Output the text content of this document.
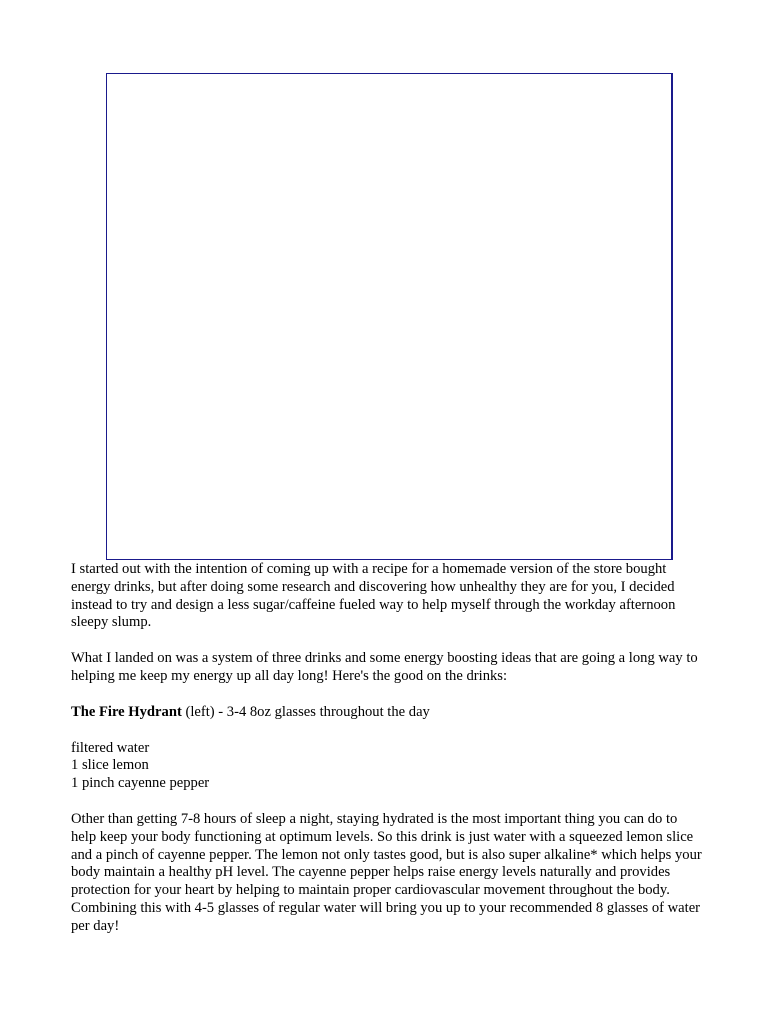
I started out with the intention of coming up with a recipe for a homemade version of the store bought energy drinks, but after doing some research and discovering how unhealthy they are for you, I decided instead to try and design a less sugar/caffeine fueled way to help myself through the workday afternoon sleepy slump.

What I landed on was a system of three drinks and some energy boosting ideas that are going a long way to helping me keep my energy up all day long! Here's the good on the drinks:

The Fire Hydrant (left) - 3-4 8oz glasses throughout the day

filtered water
1 slice lemon
1 pinch cayenne pepper

Other than getting 7-8 hours of sleep a night, staying hydrated is the most important thing you can do to help keep your body functioning at optimum levels. So this drink is just water with a squeezed lemon slice and a pinch of cayenne pepper. The lemon not only tastes good, but is also super alkaline* which helps your body maintain a healthy pH level. The cayenne pepper helps raise energy levels naturally and provides protection for your heart by helping to maintain proper cardiovascular movement throughout the body. Combining this with 4-5 glasses of regular water will bring you up to your recommended 8 glasses of water per day!
